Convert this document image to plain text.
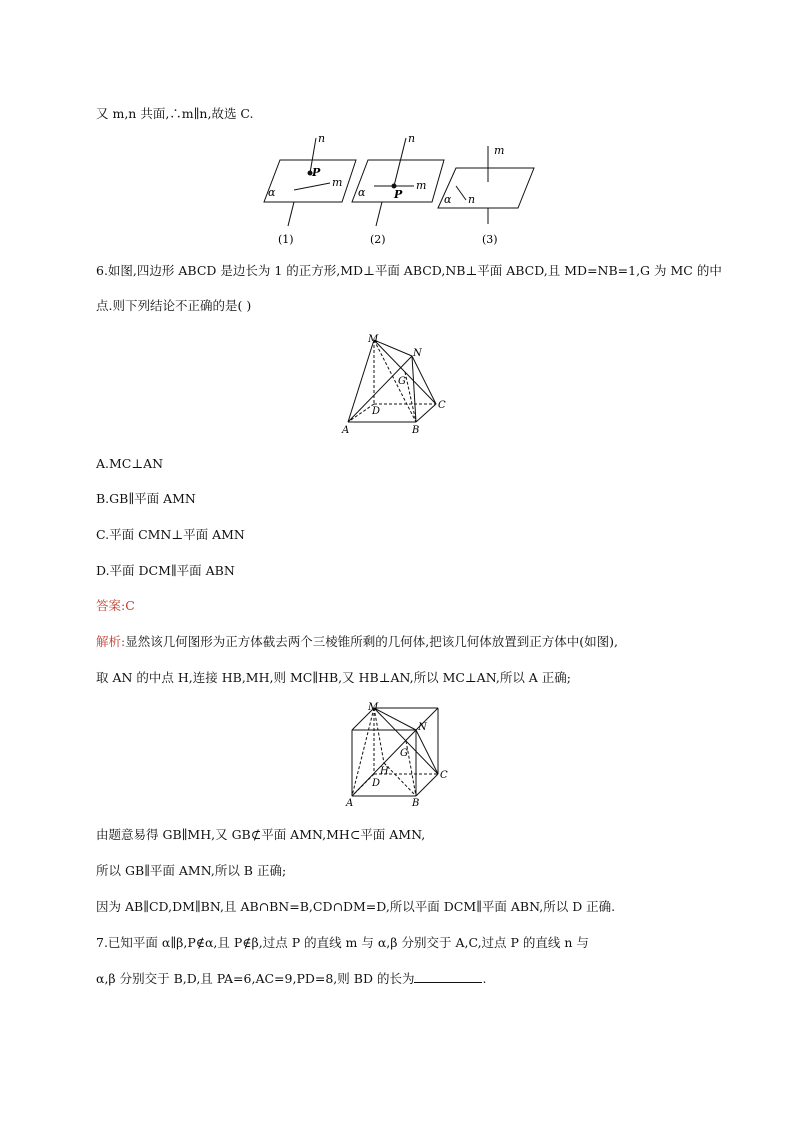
又 m,n 共面,∴m∥n,故选 C.
n
P
m
α
(1)
n
m
P
α
(2)
m
n
α
(3)
6.如图,四边形 ABCD 是边长为 1 的正方形,MD⊥平面 ABCD,NB⊥平面 ABCD,且 MD=NB=1,G 为 MC 的中
点.则下列结论不正确的是( )
M
N
G
D
C
A	B
A.MC⊥AN
B.GB∥平面 AMN
C.平面 CMN⊥平面 AMN
D.平面 DCM∥平面 ABN
答案:C
解析:显然该几何图形为正方体截去两个三棱锥所剩的几何体,把该几何体放置到正方体中(如图),
取 AN 的中点 H,连接 HB,MH,则 MC∥HB,又 HB⊥AN,所以 MC⊥AN,所以 A 正确;
M
N
G
H
D
C
A	B
由题意易得 GB∥MH,又 GB⊄平面 AMN,MH⊂平面 AMN,
所以 GB∥平面 AMN,所以 B 正确;
因为 AB∥CD,DM∥BN,且 AB∩BN=B,CD∩DM=D,所以平面 DCM∥平面 ABN,所以 D 正确.
7.已知平面 α∥β,P∉α,且 P∉β,过点 P 的直线 m 与 α,β 分别交于 A,C,过点 P 的直线 n 与
α,β 分别交于 B,D,且 PA=6,AC=9,PD=8,则 BD 的长为	.
